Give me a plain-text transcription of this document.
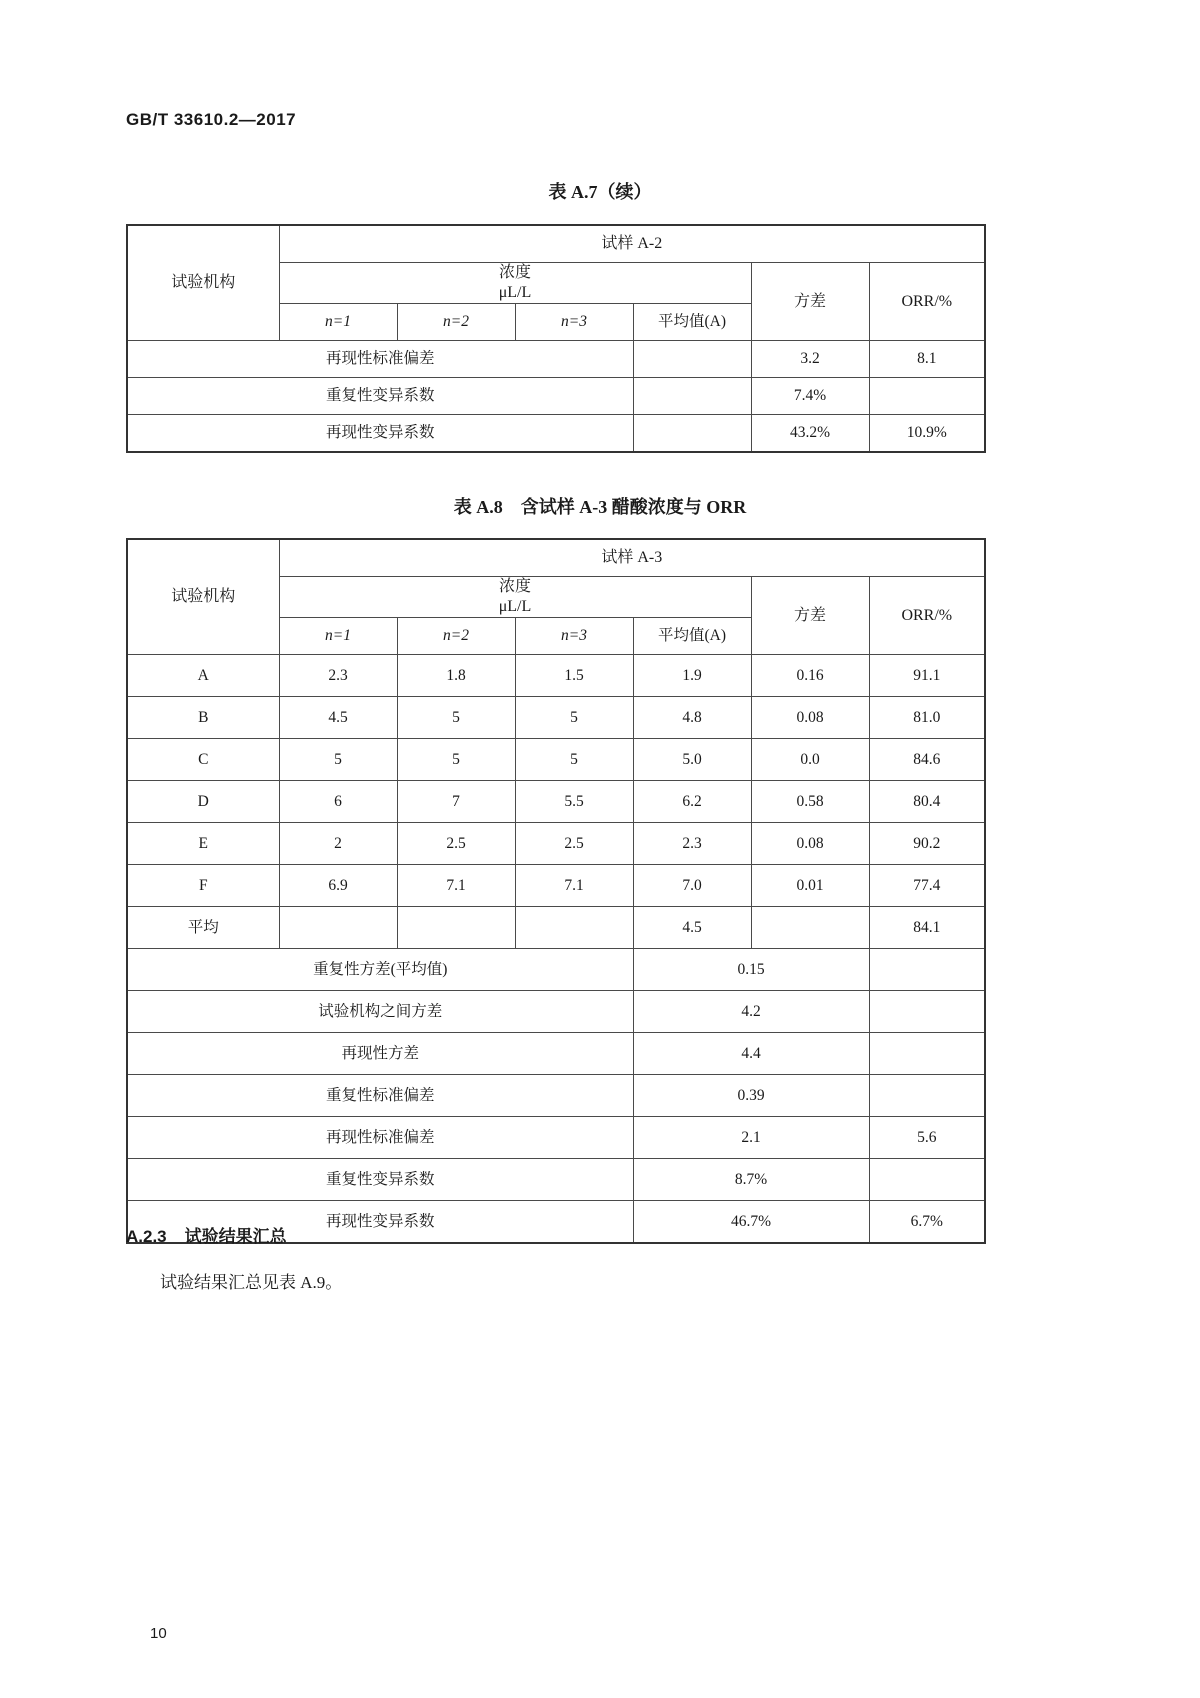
GB/T 33610.2—2017
表 A.7（续）
试验机构	试样 A-2					

	浓度
μL/L				方差	ORR/%
	n=1	n=2	n=3	平均值(A)		
再现性标准偏差					3.2	8.1
重复性变异系数					7.4%	
再现性变异系数					43.2%	10.9%
表 A.8　含试样 A-3 醋酸浓度与 ORR
试验机构	试样 A-3					

	浓度
μL/L				方差	ORR/%
	n=1	n=2	n=3	平均值(A)		
A	2.3	1.8	1.5	1.9	0.16	91.1
B	4.5	5	5	4.8	0.08	81.0
C	5	5	5	5.0	0.0	84.6
D	6	7	5.5	6.2	0.58	80.4
E	2	2.5	2.5	2.3	0.08	90.2
F	6.9	7.1	7.1	7.0	0.01	77.4
平均				4.5		84.1
重复性方差(平均值)				0.15		
试验机构之间方差				4.2		
再现性方差				4.4		
重复性标准偏差				0.39		
再现性标准偏差				2.1		5.6
重复性变异系数				8.7%		
再现性变异系数				46.7%		6.7%
A.2.3 试验结果汇总
试验结果汇总见表 A.9。
10
